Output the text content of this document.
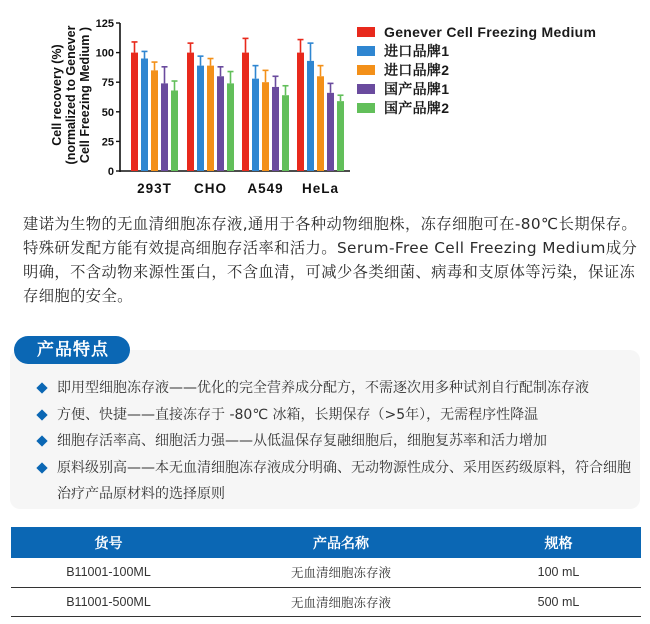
0
25
50
75
100
125
293T CHO A549 HeLa
Cell recovery (%) (normalized to Genever Cell Freezing Medium )	Genever Cell Freezing Medium
进口品牌1
进口品牌2
国产品牌1
国产品牌2

建诺为生物的无血清细胞冻存液,通用于各种动物细胞株，冻存细胞可在-80℃长期保存。特殊研发配方能有效提高细胞存活率和活力。Serum-Free Cell Freezing Medium成分明确，不含动物来源性蛋白，不含血清，可减少各类细菌、病毒和支原体等污染，保证冻存细胞的安全。

产品特点
即用型细胞冻存液——优化的完全营养成分配方，不需逐次用多种试剂自行配制冻存液
方便、快捷——直接冻存于 -80℃ 冰箱，长期保存（>5年），无需程序性降温
细胞存活率高、细胞活力强——从低温保存复融细胞后，细胞复苏率和活力增加
原料级别高——本无血清细胞冻存液成分明确、无动物源性成分、采用医药级原料，符合细胞治疗产品原材料的选择原则
货号	产品名称	规格
B11001-100ML	无血清细胞冻存液	100 mL
B11001-500ML	无血清细胞冻存液	500 mL
